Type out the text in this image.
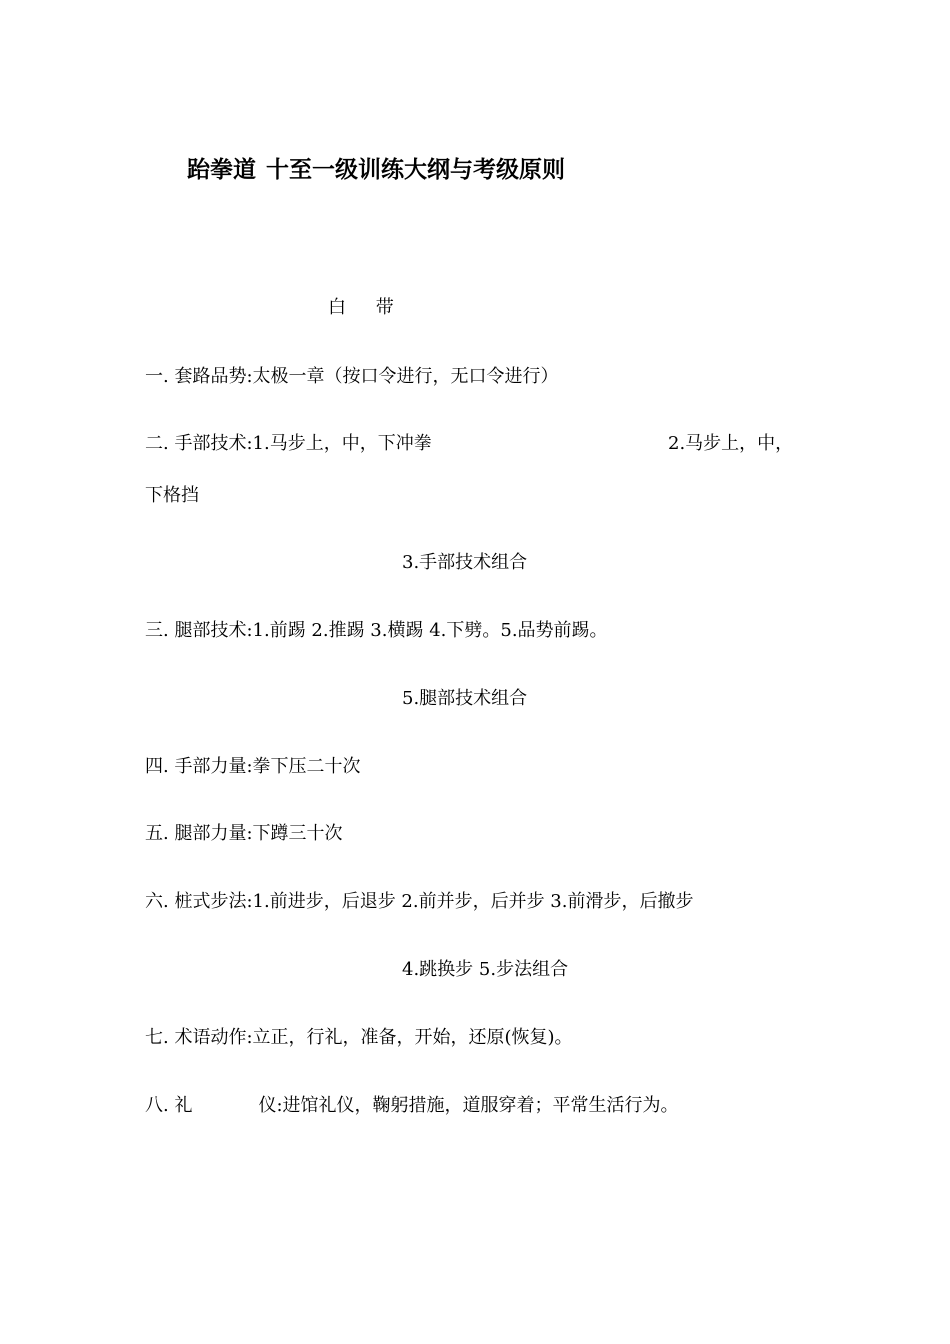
跆拳道 十至一级训练大纲与考级原则

白 带

一. 套路品势:太极一章（按口令进行，无口令进行）

二. 手部技术:1.马步上，中，下冲拳	2.马步上，中，

下格挡

3.手部技术组合

三. 腿部技术:1.前踢 2.推踢 3.横踢 4.下劈。5.品势前踢。

5.腿部技术组合

四. 手部力量:拳下压二十次

五. 腿部力量:下蹲三十次

六. 桩式步法:1.前进步，后退步 2.前并步，后并步 3.前滑步，后撤步

4.跳换步 5.步法组合

七. 术语动作:立正，行礼，准备，开始，还原(恢复)。

八. 礼	仪:进馆礼仪，鞠躬措施，道服穿着；平常生活行为。
